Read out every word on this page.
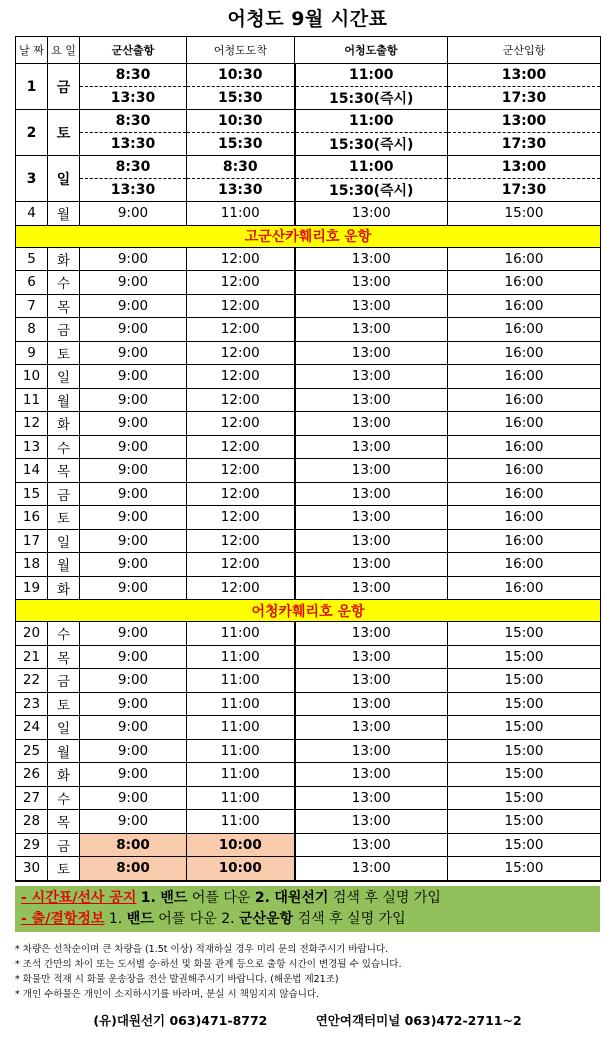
어청도 9월 시간표
날 짜	요 일	군산출항	어청도도착	어청도출항	군산입항
1	금	8:30	10:30	11:00	13:00
		13:30	15:30	15:30(즉시)	17:30
2	토	8:30	10:30	11:00	13:00
		13:30	15:30	15:30(즉시)	17:30
3	일	8:30	8:30	11:00	13:00
		13:30	13:30	15:30(즉시)	17:30
4	월	9:00	11:00	13:00	15:00
고군산카훼리호 운항					
5	화	9:00	12:00	13:00	16:00
6	수	9:00	12:00	13:00	16:00
7	목	9:00	12:00	13:00	16:00
8	금	9:00	12:00	13:00	16:00
9	토	9:00	12:00	13:00	16:00
10	일	9:00	12:00	13:00	16:00
11	월	9:00	12:00	13:00	16:00
12	화	9:00	12:00	13:00	16:00
13	수	9:00	12:00	13:00	16:00
14	목	9:00	12:00	13:00	16:00
15	금	9:00	12:00	13:00	16:00
16	토	9:00	12:00	13:00	16:00
17	일	9:00	12:00	13:00	16:00
18	월	9:00	12:00	13:00	16:00
19	화	9:00	12:00	13:00	16:00
어청카훼리호 운항					
20	수	9:00	11:00	13:00	15:00
21	목	9:00	11:00	13:00	15:00
22	금	9:00	11:00	13:00	15:00
23	토	9:00	11:00	13:00	15:00
24	일	9:00	11:00	13:00	15:00
25	월	9:00	11:00	13:00	15:00
26	화	9:00	11:00	13:00	15:00
27	수	9:00	11:00	13:00	15:00
28	목	9:00	11:00	13:00	15:00
29	금	8:00	10:00	13:00	15:00
30	토	8:00	10:00	13:00	15:00
- 시간표/선사 공지 1. 밴드 어플 다운 2. 대원선기 검색 후 실명 가입
- 출/결항정보 1. 밴드 어플 다운 2. 군산운항 검색 후 실명 가입
* 차량은 선착순이며 큰 차량을 (1.5t 이상) 적재하실 경우 미리 문의 전화주시기 바랍니다.
* 조석 간만의 차이 또는 도서별 승·하선 및 화물 관계 등으로 출항 시간이 변경될 수 있습니다.
* 화물만 적재 시 화물 운송장을 전산 발권해주시기 바랍니다. (해운법 제21조)
* 개인 수하물은 개인이 소지하시기를 바라며, 분실 시 책임지지 않습니다.
(유)대원선기 063)471-8772	연안여객터미널 063)472-2711~2
